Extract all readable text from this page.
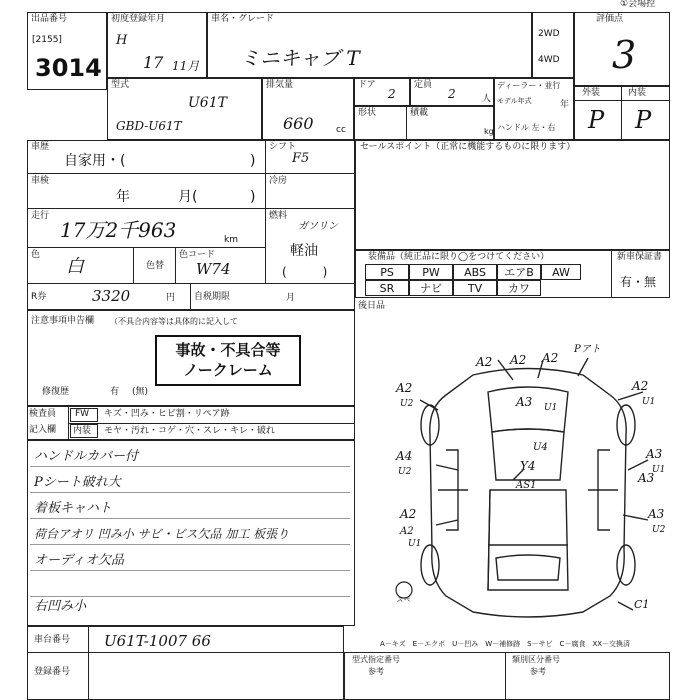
出品番号
[2155]
3014
初度登録年月
H
17 11月
車名・グレード
ミニキャブ T
①会場控
2WD
4WD
評価点
3
外装	内装
P P
型式
U61T
GBD-U61T
排気量
660 cc
ドア
2
定員
2	人
ディーラー・並行
モデル年式	年
ハンドル 左・右
形状	積載
kg
車歴
自家用・(	)
シフト
F5
車検
年	月(	)
冷房
走行
17万2千963	km
燃料
ガソリン
軽油
(　　　)
色
白	色替
色コード
W74
R券	3320	円 自税期限	月
注意事項申告欄 （不具合内容等は具体的に記入して
事故・不具合等
ノークレーム
修復歴	有 (無)
検査員
記入欄
FW キズ・凹み・ヒビ割・リペア跡
内装 モヤ・汚れ・コゲ・穴・スレ・キレ・破れ
ハンドルカバー付
Pシート破れ大
着板キャハト
荷台アオリ 凹み小 サビ・ビス欠品 加工 板張り
オーディオ欠品
右凹み小
セールスポイント（正常に機能するものに限ります）
装備品（純正品に限り◯をつけてください）	新車保証書
有・無
後日品
A2 A2 A2
Pアト
A2	A2
A3
A4
Y4
A3
A3
A2
A3
U2	U1
U2	U1
U2
A2
U1
U1
U4
AS1
C1
スペ
A－キズ　E－エクボ　U－凹み　W－補修跡　S－サビ　C－腐食　XX－交換済
車台番号 U61T-1007 66
登録番号
型式指定番号
参考
類別区分番号
参考
PS	PW	ABS	エアB	AW
SR	ナビ	TV	カワ
